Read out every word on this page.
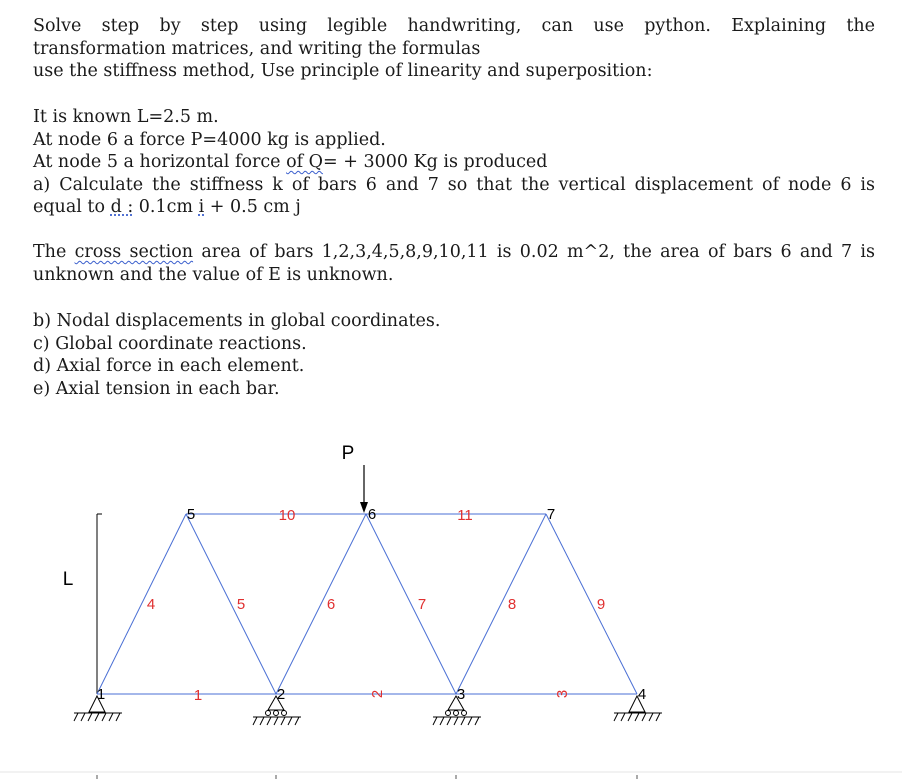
Solve step by step using legible handwriting, can use python. Explaining the
transformation matrices, and writing the formulas
use the stiffness method, Use principle of linearity and superposition:
It is known L=2.5 m.
At node 6 a force P=4000 kg is applied.
At node 5 a horizontal force of Q= + 3000 Kg is produced
a) Calculate the stiffness k of bars 6 and 7 so that the vertical displacement of node 6 is
equal to d : 0.1cm i + 0.5 cm j
The cross section area of bars 1,2,3,4,5,8,9,10,11 is 0.02 m^2, the area of bars 6 and 7 is
unknown and the value of E is unknown.
b) Nodal displacements in global coordinates.
c) Global coordinate reactions.
d) Axial force in each element.
e) Axial tension in each bar.
L
1	2	3
10	11
4	5	6	7	8	9
1	2	3	4
5	6	7
P
